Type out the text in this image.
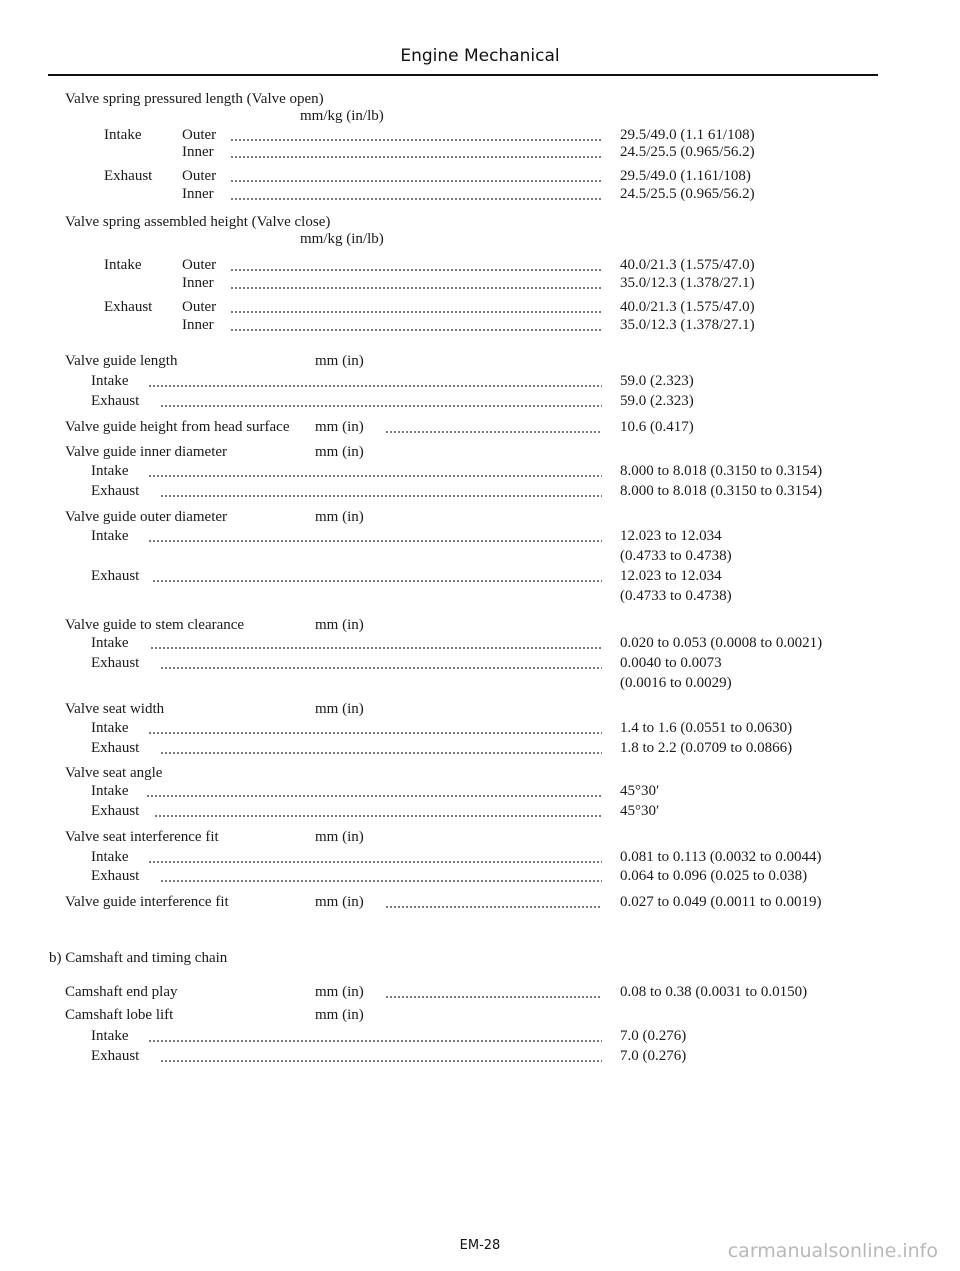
Engine Mechanical
Valve spring pressured length (Valve open)
mm/kg (in/lb)
Intake	Outer	29.5/49.0 (1.1 61/108)
Inner	24.5/25.5 (0.965/56.2)
Exhaust Outer	29.5/49.0 (1.161/108)
Inner	24.5/25.5 (0.965/56.2)
Valve spring assembled height (Valve close)
mm/kg (in/lb)
Intake	Outer	40.0/21.3 (1.575/47.0)
Inner	35.0/12.3 (1.378/27.1)
Exhaust Outer	40.0/21.3 (1.575/47.0)
Inner	35.0/12.3 (1.378/27.1)
Valve guide length	mm (in)
Intake	59.0 (2.323)
Exhaust	59.0 (2.323)
Valve guide height from head surface mm (in)	10.6 (0.417)
Valve guide inner diameter	mm (in)
Intake	8.000 to 8.018 (0.3150 to 0.3154)
Exhaust	8.000 to 8.018 (0.3150 to 0.3154)
Valve guide outer diameter	mm (in)
Intake	12.023 to 12.034
(0.4733 to 0.4738)
Exhaust	12.023 to 12.034
(0.4733 to 0.4738)
Valve guide to stem clearance	mm (in)
Intake	0.020 to 0.053 (0.0008 to 0.0021)
Exhaust	0.0040 to 0.0073
(0.0016 to 0.0029)
Valve seat width	mm (in)
Intake	1.4 to 1.6 (0.0551 to 0.0630)
Exhaust	1.8 to 2.2 (0.0709 to 0.0866)
Valve seat angle
Intake	45°30′
Exhaust	45°30′
Valve seat interference fit	mm (in)
Intake	0.081 to 0.113 (0.0032 to 0.0044)
Exhaust	0.064 to 0.096 (0.025 to 0.038)
Valve guide interference fit	mm (in)	0.027 to 0.049 (0.0011 to 0.0019)
b) Camshaft and timing chain
Camshaft end play	mm (in)	0.08 to 0.38 (0.0031 to 0.0150)
Camshaft lobe lift	mm (in)
Intake	7.0 (0.276)
Exhaust	7.0 (0.276)
EM-28	carmanualsonline.info
